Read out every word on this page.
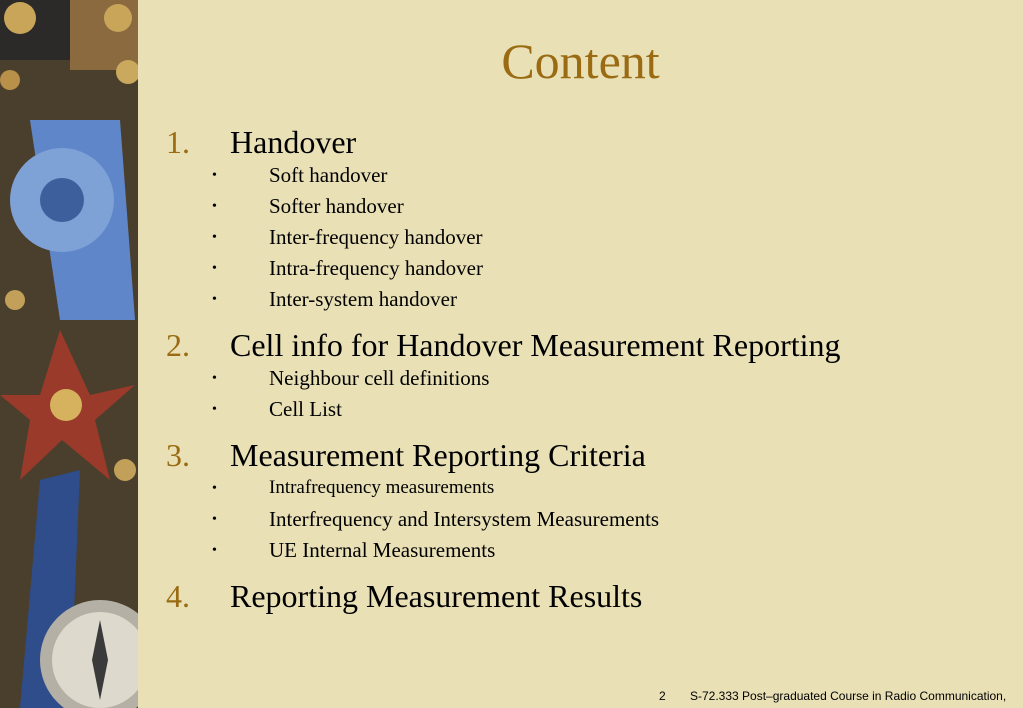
Content
1.	Handover
• Soft handover
• Softer handover
• Inter-frequency handover
• Intra-frequency handover
• Inter-system handover
2.	Cell info for Handover Measurement Reporting
• Neighbour cell definitions
• Cell List
3.	Measurement Reporting Criteria
•	Intrafrequency measurements
• Interfrequency and Intersystem Measurements
• UE Internal Measurements
4.	Reporting Measurement Results
2 S-72.333 Post–graduated Course in Radio Communication,
